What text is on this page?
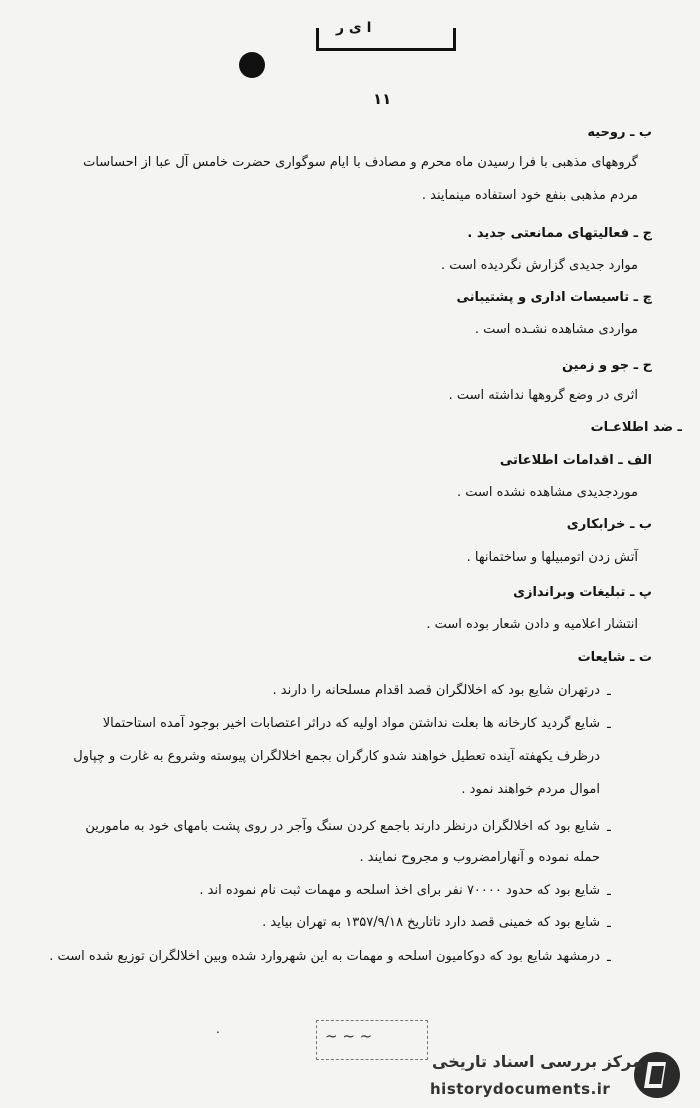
ا ی ر
۱۱
ب ـ روحیه
گروههای مذهبی با فرا رسیدن ماه محرم و مصادف با ایام سوگواری حضرت خامس آل عبا از احساسات
مردم مذهبی بنفع خود استفاده مینمایند .
ج ـ فعالیتهای ممانعتی جدید .
موارد جدیدی گزارش نگردیده است .
چ ـ تاسیسات اداری و پشتیبانی
مواردی مشاهده نشـده است .
ح ـ جو و زمین
اثری در وضع گروهها نداشته است .
ـ ضد اطلاعـات
الف ـ اقدامات اطلاعاتی
موردجدیدی مشاهده نشده است .
ب ـ خرابکاری
آتش زدن اتومبیلها و ساختمانها .
پ ـ تبلیغات وبراندازی
انتشار اعلامیه و دادن شعار بوده است .
ت ـ شایعات
ـ
درتهران شایع بود که اخلالگران قصد اقدام مسلحانه را دارند .
ـ
شایع گردید کارخانه ها بعلت نداشتن مواد اولیه که دراثر اعتصابات اخیر بوجود آمده استاحتمالا
درظرف یکهفته آینده تعطیل خواهند شدو کارگران بجمع اخلالگران پیوسته وشروع به غارت و چپاول
اموال مردم خواهند نمود .
ـ
شایع بود که اخلالگران درنظر دارند باجمع کردن سنگ وآجر در روی پشت بامهای خود به مامورین
حمله نموده و آنهارامضروب و مجروح نمایند .
ـ
شایع بود که حدود ۷۰۰۰۰ نفر برای اخذ اسلحه و مهمات ثبت نام نموده اند .
ـ
شایع بود که خمینی قصد دارد تاتاریخ ۱۳۵۷/۹/۱۸ به تهران بیاید .
ـ
درمشهد شایع بود که دوکامیون اسلحه و مهمات به این شهروارد شده وبین اخلالگران توزیع شده است .
.	~ ~ ~
مرکز بررسی اسناد تاریخی
historydocuments.ir
